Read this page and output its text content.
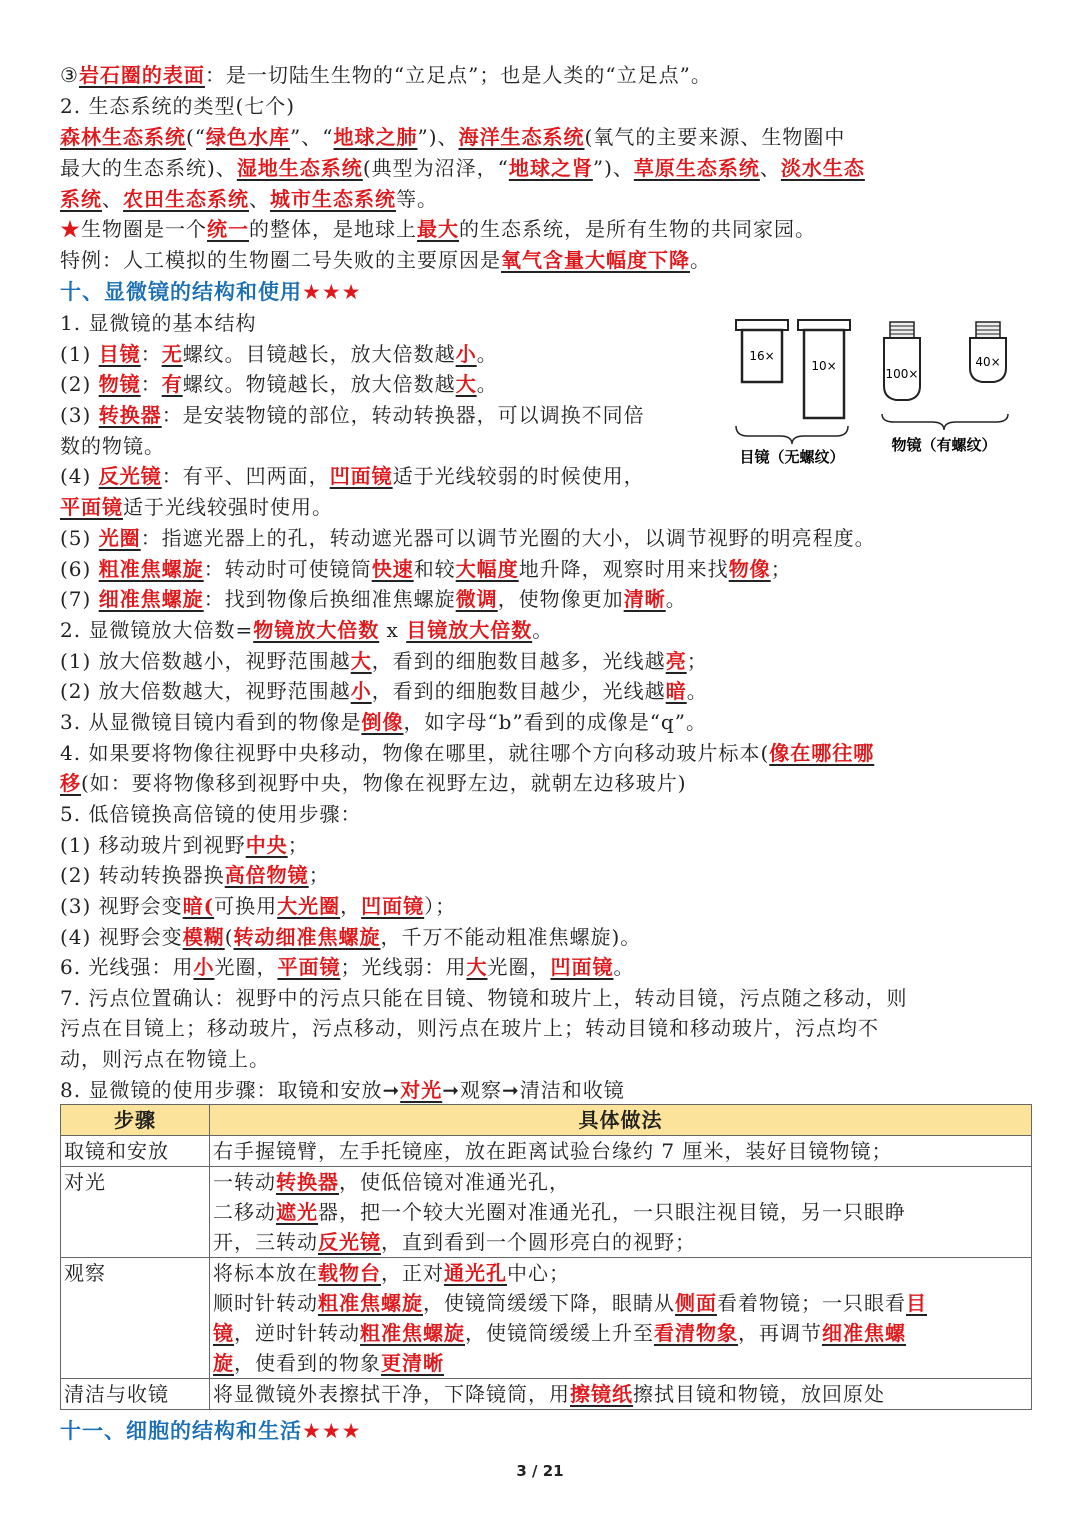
③岩石圈的表面：是一切陆生生物的“立足点”；也是人类的“立足点”。
2. 生态系统的类型(七个)
森林生态系统(“绿色水库”、“地球之肺”)、海洋生态系统(氧气的主要来源、生物圈中
最大的生态系统)、湿地生态系统(典型为沼泽，“地球之肾”)、草原生态系统、淡水生态
系统、农田生态系统、城市生态系统等。
★生物圈是一个统一的整体，是地球上最大的生态系统，是所有生物的共同家园。
特例：人工模拟的生物圈二号失败的主要原因是氧气含量大幅度下降。
十、显微镜的结构和使用★★★
1. 显微镜的基本结构
(1) 目镜：无螺纹。目镜越长，放大倍数越小。
(2) 物镜：有螺纹。物镜越长，放大倍数越大。
(3) 转换器：是安装物镜的部位，转动转换器，可以调换不同倍
数的物镜。
(4) 反光镜：有平、凹两面，凹面镜适于光线较弱的时候使用，
平面镜适于光线较强时使用。
(5) 光圈：指遮光器上的孔，转动遮光器可以调节光圈的大小，以调节视野的明亮程度。
(6) 粗准焦螺旋：转动时可使镜筒快速和较大幅度地升降，观察时用来找物像；
(7) 细准焦螺旋：找到物像后换细准焦螺旋微调，使物像更加清晰。
2. 显微镜放大倍数=物镜放大倍数 x 目镜放大倍数。
(1) 放大倍数越小，视野范围越大，看到的细胞数目越多，光线越亮；
(2) 放大倍数越大，视野范围越小，看到的细胞数目越少，光线越暗。
3. 从显微镜目镜内看到的物像是倒像，如字母“b”看到的成像是“q”。
4. 如果要将物像往视野中央移动，物像在哪里，就往哪个方向移动玻片标本(像在哪往哪
移(如：要将物像移到视野中央，物像在视野左边，就朝左边移玻片)
5. 低倍镜换高倍镜的使用步骤：
(1) 移动玻片到视野中央；
(2) 转动转换器换高倍物镜；
(3) 视野会变暗(可换用大光圈，凹面镜）；
(4) 视野会变模糊(转动细准焦螺旋，千万不能动粗准焦螺旋)。
6. 光线强：用小光圈，平面镜；光线弱：用大光圈，凹面镜。
7. 污点位置确认：视野中的污点只能在目镜、物镜和玻片上，转动目镜，污点随之移动，则
污点在目镜上；移动玻片，污点移动，则污点在玻片上；转动目镜和移动玻片，污点均不
动，则污点在物镜上。
8. 显微镜的使用步骤：取镜和安放➞对光➞观察➞清洁和收镜
步骤	具体做法
取镜和安放	右手握镜臂，左手托镜座，放在距离试验台缘约 7 厘米，装好目镜物镜；
对光	一转动转换器，使低倍镜对准通光孔，
二移动遮光器，把一个较大光圈对准通光孔，一只眼注视目镜，另一只眼睁
开，三转动反光镜，直到看到一个圆形亮白的视野；
观察	将标本放在载物台，正对通光孔中心；
顺时针转动粗准焦螺旋，使镜筒缓缓下降，眼睛从侧面看着物镜；一只眼看目
镜，逆时针转动粗准焦螺旋，使镜筒缓缓上升至看清物象，再调节细准焦螺
旋，使看到的物象更清晰
清洁与收镜	将显微镜外表擦拭干净，下降镜筒，用擦镜纸擦拭目镜和物镜，放回原处
十一、细胞的结构和生活★★★
16×
10×
100×
40×
目镜（无螺纹）
物镜（有螺纹）
3 / 21
